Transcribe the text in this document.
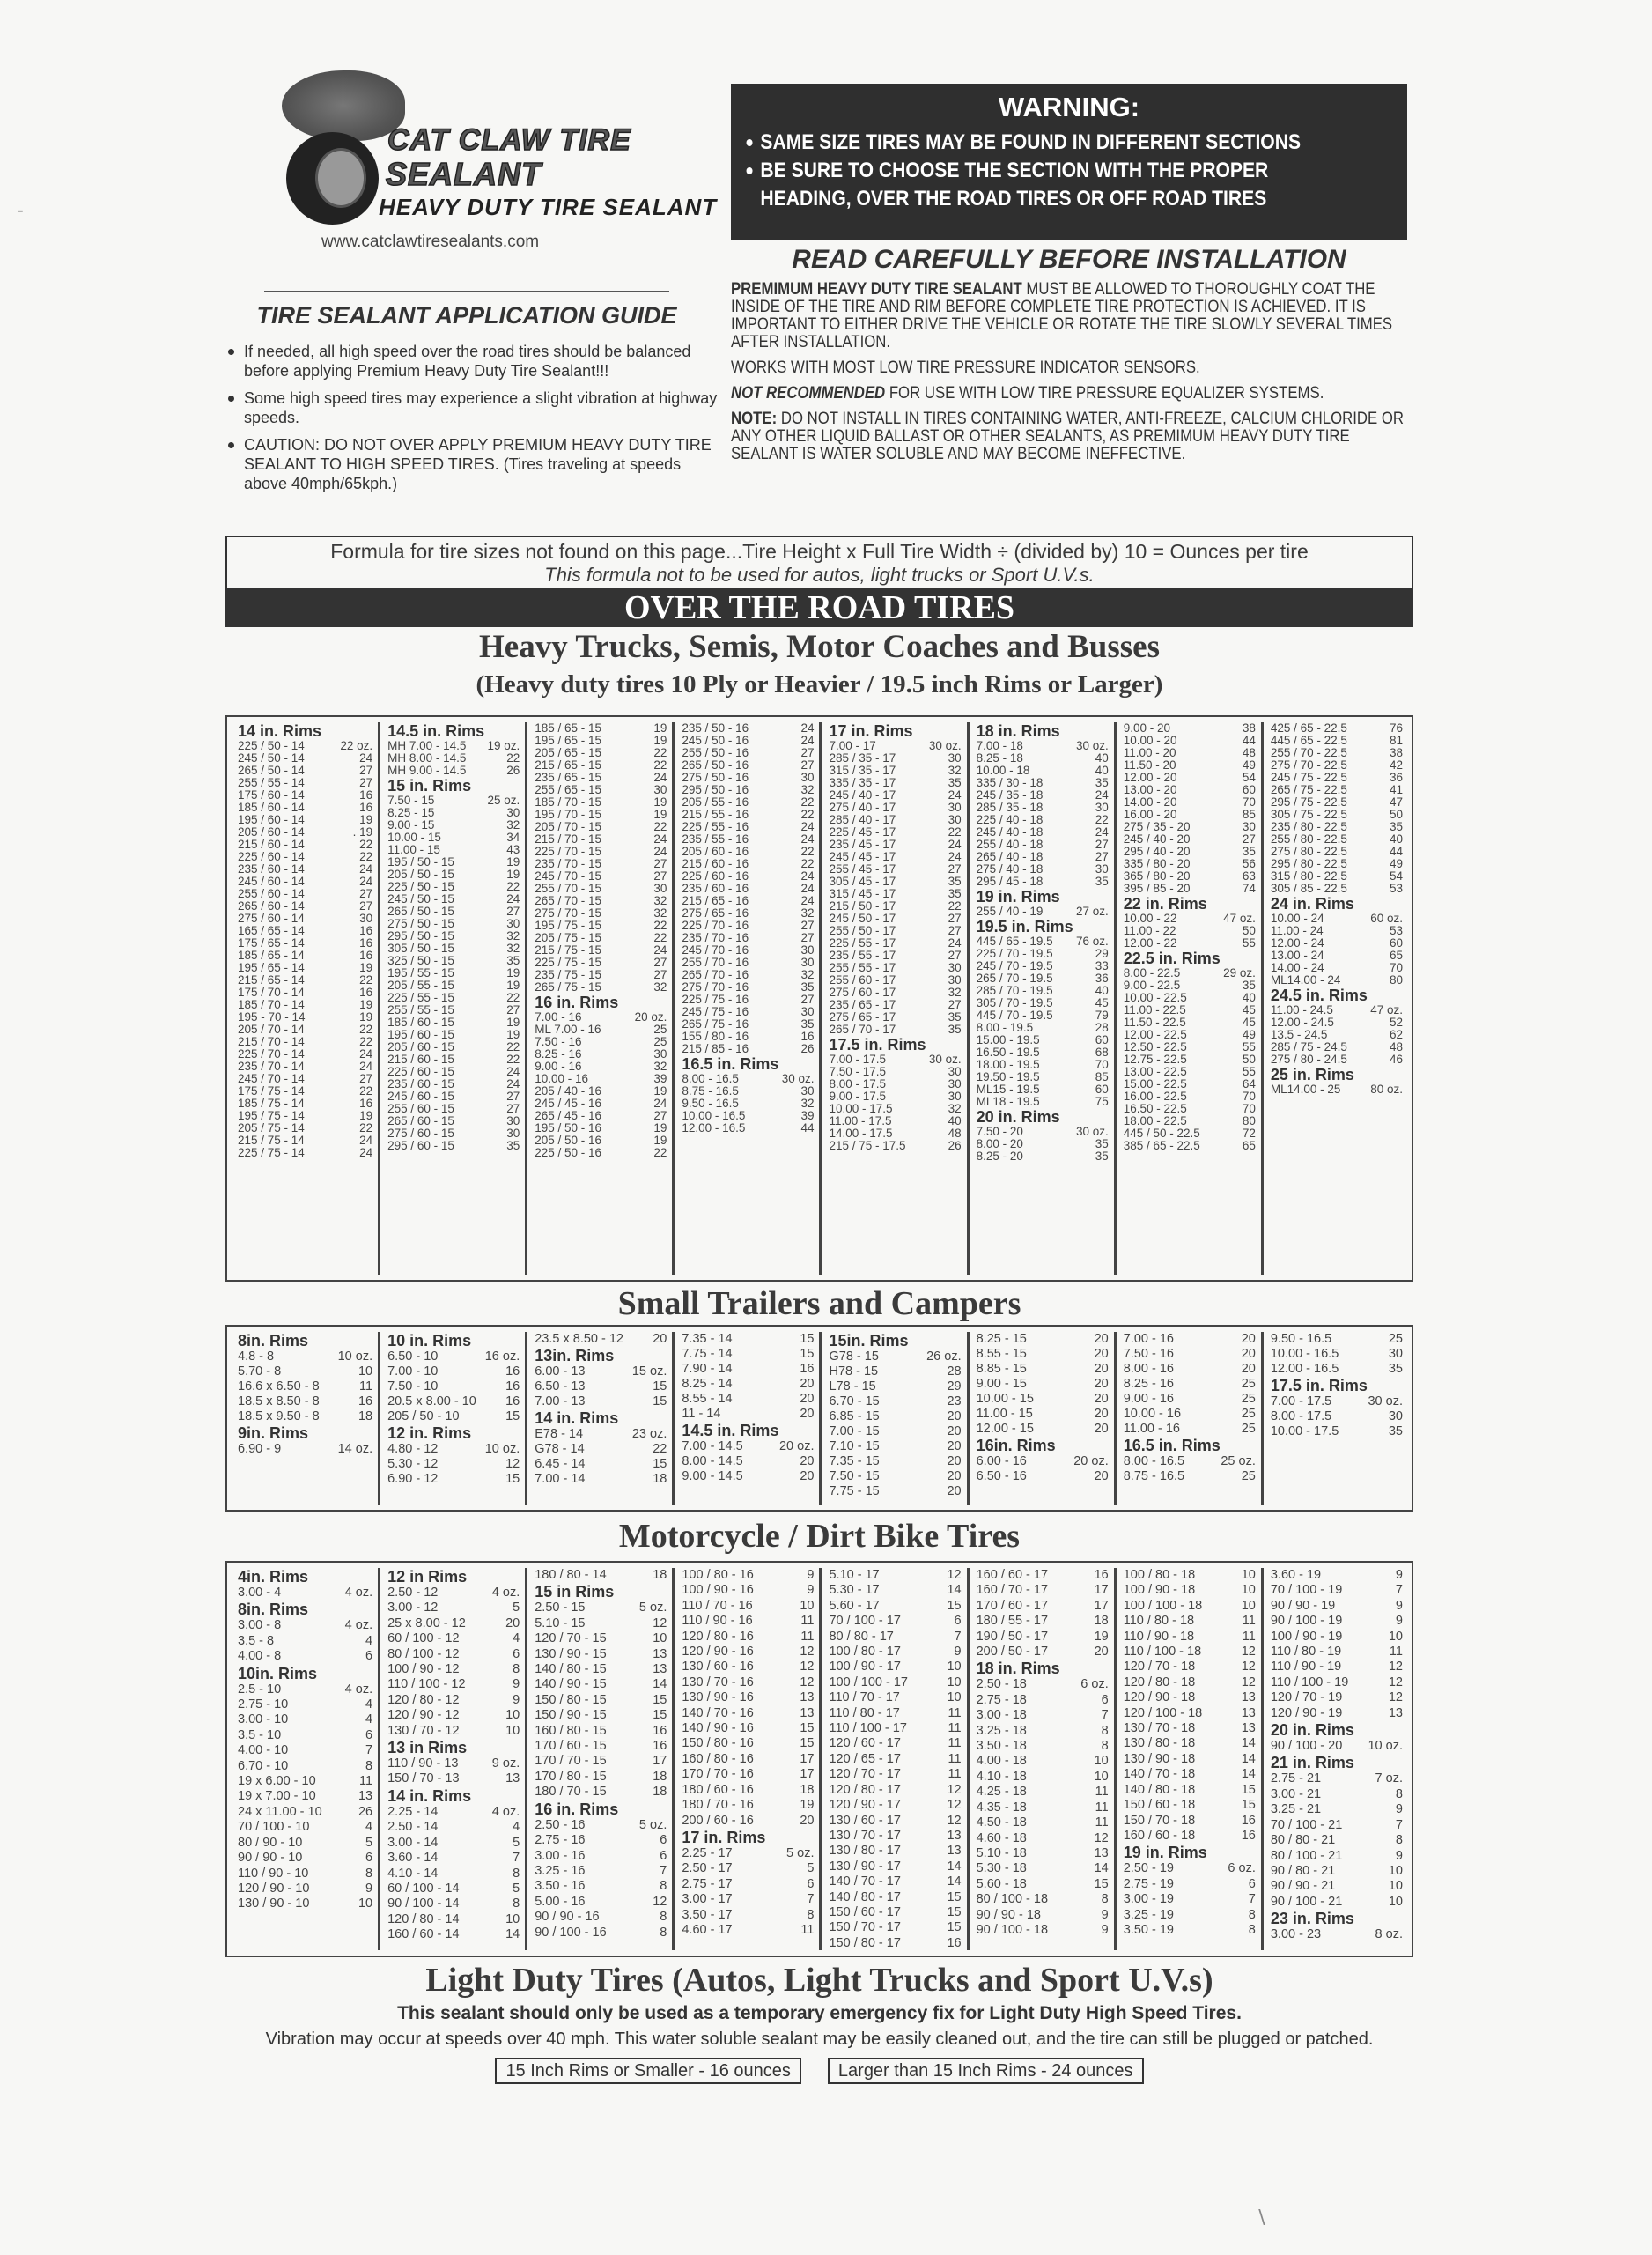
-
CAT CLAW TIRE
SEALANT
HEAVY DUTY TIRE SEALANT
www.catclawtiresealants.com
TIRE SEALANT APPLICATION GUIDE
If needed, all high speed over the road tires should be balanced before applying Premium Heavy Duty Tire Sealant!!!
Some high speed tires may experience a slight vibration at highway speeds.
CAUTION: DO NOT OVER APPLY PREMIUM HEAVY DUTY TIRE SEALANT TO HIGH SPEED TIRES. (Tires traveling at speeds above 40mph/65kph.)
WARNING:
SAME SIZE TIRES MAY BE FOUND IN DIFFERENT SECTIONS
BE SURE TO CHOOSE THE SECTION WITH THE PROPER
HEADING, OVER THE ROAD TIRES OR OFF ROAD TIRES
READ CAREFULLY BEFORE INSTALLATION

PREMIMUM HEAVY DUTY TIRE SEALANT MUST BE ALLOWED TO THOROUGHLY COAT THE INSIDE OF THE TIRE AND RIM BEFORE COMPLETE TIRE PROTECTION IS ACHIEVED. IT IS IMPORTANT TO EITHER DRIVE THE VEHICLE OR ROTATE THE TIRE SLOWLY SEVERAL TIMES AFTER INSTALLATION.

WORKS WITH MOST LOW TIRE PRESSURE INDICATOR SENSORS.

NOT RECOMMENDED FOR USE WITH LOW TIRE PRESSURE EQUALIZER SYSTEMS.

NOTE: DO NOT INSTALL IN TIRES CONTAINING WATER, ANTI-FREEZE, CALCIUM CHLORIDE OR ANY OTHER LIQUID BALLAST OR OTHER SEALANTS, AS PREMIMUM HEAVY DUTY TIRE SEALANT IS WATER SOLUBLE AND MAY BECOME INEFFECTIVE.

Formula for tire sizes not found on this page...Tire Height x Full Tire Width ÷ (divided by) 10 = Ounces per tire
This formula not to be used for autos, light trucks or Sport U.V.s.
OVER THE ROAD TIRES
Heavy Trucks, Semis, Motor Coaches and Busses
(Heavy duty tires 10 Ply or Heavier / 19.5 inch Rims or Larger)
14 in. Rims
225 / 50 - 14	22 oz.
245 / 50 - 14	24
265 / 50 - 14	27
255 / 55 - 14	27
175 / 60 - 14	16
185 / 60 - 14	16
195 / 60 - 14	19
205 / 60 - 14	. 19
215 / 60 - 14	22
225 / 60 - 14	22
235 / 60 - 14	24
245 / 60 - 14	24
255 / 60 - 14	27
265 / 60 - 14	27
275 / 60 - 14	30
165 / 65 - 14	16
175 / 65 - 14	16
185 / 65 - 14	16
195 / 65 - 14	19
215 / 65 - 14	22
175 / 70 - 14	16
185 / 70 - 14	19
195 - 70 - 14	19
205 / 70 - 14	22
215 / 70 - 14	22
225 / 70 - 14	24
235 / 70 - 14	24
245 / 70 - 14	27
175 / 75 - 14	22
185 / 75 - 14	16
195 / 75 - 14	19
205 / 75 - 14	22
215 / 75 - 14	24
225 / 75 - 14	24
14.5 in. Rims
MH 7.00 - 14.5 19 oz.
MH 8.00 - 14.5	22
MH 9.00 - 14.5	26
15 in. Rims
7.50 - 15	25 oz.
8.25 - 15	30
9.00 - 15	32
10.00 - 15	34
11.00 - 15	43
195 / 50 - 15	19
205 / 50 - 15	19
225 / 50 - 15	22
245 / 50 - 15	24
265 / 50 - 15	27
275 / 50 - 15	30
295 / 50 - 15	32
305 / 50 - 15	32
325 / 50 - 15	35
195 / 55 - 15	19
205 / 55 - 15	19
225 / 55 - 15	22
255 / 55 - 15	27
185 / 60 - 15	19
195 / 60 - 15	19
205 / 60 - 15	22
215 / 60 - 15	22
225 / 60 - 15	24
235 / 60 - 15	24
245 / 60 - 15	27
255 / 60 - 15	27
265 / 60 - 15	30
275 / 60 - 15	30
295 / 60 - 15	35
185 / 65 - 15	19
195 / 65 - 15	19
205 / 65 - 15	22
215 / 65 - 15	22
235 / 65 - 15	24
255 / 65 - 15	30
185 / 70 - 15	19
195 / 70 - 15	19
205 / 70 - 15	22
215 / 70 - 15	24
225 / 70 - 15	24
235 / 70 - 15	27
245 / 70 - 15	27
255 / 70 - 15	30
265 / 70 - 15	32
275 / 70 - 15	32
195 / 75 - 15	22
205 / 75 - 15	22
215 / 75 - 15	24
225 / 75 - 15	27
235 / 75 - 15	27
265 / 75 - 15	32
16 in. Rims
7.00 - 16	20 oz.
ML 7.00 - 16	25
7.50 - 16	25
8.25 - 16	30
9.00 - 16	32
10.00 - 16	39
205 / 40 - 16	19
245 / 45 - 16	24
265 / 45 - 16	27
195 / 50 - 16	19
205 / 50 - 16	19
225 / 50 - 16	22
235 / 50 - 16	24
245 / 50 - 16	24
255 / 50 - 16	27
265 / 50 - 16	27
275 / 50 - 16	30
295 / 50 - 16	32
205 / 55 - 16	22
215 / 55 - 16	22
225 / 55 - 16	24
235 / 55 - 16	24
205 / 60 - 16	22
215 / 60 - 16	22
225 / 60 - 16	24
235 / 60 - 16	24
215 / 65 - 16	24
275 / 65 - 16	32
225 / 70 - 16	27
235 / 70 - 16	27
245 / 70 - 16	30
255 / 70 - 16	30
265 / 70 - 16	32
275 / 70 - 16	35
225 / 75 - 16	27
245 / 75 - 16	30
265 / 75 - 16	35
155 / 80 - 16	16
215 / 85 - 16	26
16.5 in. Rims
8.00 - 16.5	30 oz.
8.75 - 16.5	30
9.50 - 16.5	32
10.00 - 16.5	39
12.00 - 16.5	44
17 in. Rims
7.00 - 17	30 oz.
285 / 35 - 17	30
315 / 35 - 17	32
335 / 35 - 17	35
245 / 40 - 17	24
275 / 40 - 17	30
285 / 40 - 17	30
225 / 45 - 17	22
235 / 45 - 17	24
245 / 45 - 17	24
255 / 45 - 17	27
305 / 45 - 17	35
315 / 45 - 17	35
215 / 50 - 17	22
245 / 50 - 17	27
255 / 50 - 17	27
225 / 55 - 17	24
235 / 55 - 17	27
255 / 55 - 17	30
255 / 60 - 17	30
275 / 60 - 17	32
235 / 65 - 17	27
275 / 65 - 17	35
265 / 70 - 17	35
17.5 in. Rims
7.00 - 17.5	30 oz.
7.50 - 17.5	30
8.00 - 17.5	30
9.00 - 17.5	30
10.00 - 17.5	32
11.00 - 17.5	40
14.00 - 17.5	48
215 / 75 - 17.5	26
18 in. Rims
7.00 - 18	30 oz.
8.25 - 18	40
10.00 - 18	40
335 / 30 - 18	35
245 / 35 - 18	24
285 / 35 - 18	30
225 / 40 - 18	22
245 / 40 - 18	24
255 / 40 - 18	27
265 / 40 - 18	27
275 / 40 - 18	30
295 / 45 - 18	35
19 in. Rims
255 / 40 - 19	27 oz.
19.5 in. Rims
445 / 65 - 19.5 76 oz.
225 / 70 - 19.5	29
245 / 70 - 19.5	33
265 / 70 - 19.5	36
285 / 70 - 19.5	40
305 / 70 - 19.5	45
445 / 70 - 19.5	79
8.00 - 19.5	28
15.00 - 19.5	60
16.50 - 19.5	68
18.00 - 19.5	70
19.50 - 19.5	85
ML15 - 19.5	60
ML18 - 19.5	75
20 in. Rims
7.50 - 20	30 oz.
8.00 - 20	35
8.25 - 20	35
9.00 - 20	38
10.00 - 20	44
11.00 - 20	48
11.50 - 20	49
12.00 - 20	54
13.00 - 20	60
14.00 - 20	70
16.00 - 20	85
275 / 35 - 20	30
245 / 40 - 20	27
295 / 40 - 20	35
335 / 80 - 20	56
365 / 80 - 20	63
395 / 85 - 20	74
22 in. Rims
10.00 - 22	47 oz.
11.00 - 22	50
12.00 - 22	55
22.5 in. Rims
8.00 - 22.5	29 oz.
9.00 - 22.5	35
10.00 - 22.5	40
11.00 - 22.5	45
11.50 - 22.5	45
12.00 - 22.5	49
12.50 - 22.5	55
12.75 - 22.5	50
13.00 - 22.5	55
15.00 - 22.5	64
16.00 - 22.5	70
16.50 - 22.5	70
18.00 - 22.5	80
445 / 50 - 22.5	72
385 / 65 - 22.5	65
425 / 65 - 22.5	76
445 / 65 - 22.5	81
255 / 70 - 22.5	38
275 / 70 - 22.5	42
245 / 75 - 22.5	36
265 / 75 - 22.5	41
295 / 75 - 22.5	47
305 / 75 - 22.5	50
235 / 80 - 22.5	35
255 / 80 - 22.5	40
275 / 80 - 22.5	44
295 / 80 - 22.5	49
315 / 80 - 22.5	54
305 / 85 - 22.5	53
24 in. Rims
10.00 - 24	60 oz.
11.00 - 24	53
12.00 - 24	60
13.00 - 24	65
14.00 - 24	70
ML14.00 - 24	80
24.5 in. Rims
11.00 - 24.5	47 oz.
12.00 - 24.5	52
13.5 - 24.5	62
285 / 75 - 24.5	48
275 / 80 - 24.5	46
25 in. Rims
ML14.00 - 25	80 oz.
Small Trailers and Campers
8in. Rims
4.8 - 8	10 oz.
5.70 - 8	10
16.6 x 6.50 - 8	11
18.5 x 8.50 - 8	16
18.5 x 9.50 - 8	18
9in. Rims
6.90 - 9	14 oz.
10 in. Rims
6.50 - 10	16 oz.
7.00 - 10	16
7.50 - 10	16
20.5 x 8.00 - 10 16
205 / 50 - 10	15
12 in. Rims
4.80 - 12	10 oz.
5.30 - 12	12
6.90 - 12	15
23.5 x 8.50 - 12 20
13in. Rims
6.00 - 13	15 oz.
6.50 - 13	15
7.00 - 13	15
14 in. Rims
E78 - 14	23 oz.
G78 - 14	22
6.45 - 14	15
7.00 - 14	18
7.35 - 14	15
7.75 - 14	15
7.90 - 14	16
8.25 - 14	20
8.55 - 14	20
11 - 14	20
14.5 in. Rims
7.00 - 14.5	20 oz.
8.00 - 14.5	20
9.00 - 14.5	20
15in. Rims
G78 - 15	26 oz.
H78 - 15	28
L78 - 15	29
6.70 - 15	23
6.85 - 15	20
7.00 - 15	20
7.10 - 15	20
7.35 - 15	20
7.50 - 15	20
7.75 - 15	20
8.25 - 15	20
8.55 - 15	20
8.85 - 15	20
9.00 - 15	20
10.00 - 15	20
11.00 - 15	20
12.00 - 15	20
16in. Rims
6.00 - 16	20 oz.
6.50 - 16	20
7.00 - 16	20
7.50 - 16	20
8.00 - 16	20
8.25 - 16	25
9.00 - 16	25
10.00 - 16	25
11.00 - 16	25
16.5 in. Rims
8.00 - 16.5	25 oz.
8.75 - 16.5	25
9.50 - 16.5	25
10.00 - 16.5	30
12.00 - 16.5	35
17.5 in. Rims
7.00 - 17.5	30 oz.
8.00 - 17.5	30
10.00 - 17.5	35
Motorcycle / Dirt Bike Tires
4in. Rims
3.00 - 4	4 oz.
8in. Rims
3.00 - 8	4 oz.
3.5 - 8	4
4.00 - 8	6
10in. Rims
2.5 - 10	4 oz.
2.75 - 10	4
3.00 - 10	4
3.5 - 10	6
4.00 - 10	7
6.70 - 10	8
19 x 6.00 - 10	11
19 x 7.00 - 10	13
24 x 11.00 - 10	26
70 / 100 - 10	4
80 / 90 - 10	5
90 / 90 - 10	6
110 / 90 - 10	8
120 / 90 - 10	9
130 / 90 - 10	10
12 in Rims
2.50 - 12	4 oz.
3.00 - 12	5
25 x 8.00 - 12	20
60 / 100 - 12	4
80 / 100 - 12	6
100 / 90 - 12	8
110 / 100 - 12	9
120 / 80 - 12	9
120 / 90 - 12	10
130 / 70 - 12	10
13 in Rims
110 / 90 - 13	9 oz.
150 / 70 - 13	13
14 in. Rims
2.25 - 14	4 oz.
2.50 - 14	4
3.00 - 14	5
3.60 - 14	7
4.10 - 14	8
60 / 100 - 14	5
90 / 100 - 14	8
120 / 80 - 14	10
160 / 60 - 14	14
180 / 80 - 14	18
15 in Rims
2.50 - 15	5 oz.
5.10 - 15	12
120 / 70 - 15	10
130 / 90 - 15	13
140 / 80 - 15	13
140 / 90 - 15	14
150 / 80 - 15	15
150 / 90 - 15	15
160 / 80 - 15	16
170 / 60 - 15	16
170 / 70 - 15	17
170 / 80 - 15	18
180 / 70 - 15	18
16 in. Rims
2.50 - 16	5 oz.
2.75 - 16	6
3.00 - 16	6
3.25 - 16	7
3.50 - 16	8
5.00 - 16	12
90 / 90 - 16	8
90 / 100 - 16	8
100 / 80 - 16	9
100 / 90 - 16	9
110 / 70 - 16	10
110 / 90 - 16	11
120 / 80 - 16	11
120 / 90 - 16	12
130 / 60 - 16	12
130 / 70 - 16	12
130 / 90 - 16	13
140 / 70 - 16	13
140 / 90 - 16	15
150 / 80 - 16	15
160 / 80 - 16	17
170 / 70 - 16	17
180 / 60 - 16	18
180 / 70 - 16	19
200 / 60 - 16	20
17 in. Rims
2.25 - 17	5 oz.
2.50 - 17	5
2.75 - 17	6
3.00 - 17	7
3.50 - 17	8
4.60 - 17	11
5.10 - 17	12
5.30 - 17	14
5.60 - 17	15
70 / 100 - 17	6
80 / 80 - 17	7
100 / 80 - 17	9
100 / 90 - 17	10
100 / 100 - 17	10
110 / 70 - 17	10
110 / 80 - 17	11
110 / 100 - 17	11
120 / 60 - 17	11
120 / 65 - 17	11
120 / 70 - 17	11
120 / 80 - 17	12
120 / 90 - 17	12
130 / 60 - 17	12
130 / 70 - 17	13
130 / 80 - 17	13
130 / 90 - 17	14
140 / 70 - 17	14
140 / 80 - 17	15
150 / 60 - 17	15
150 / 70 - 17	15
150 / 80 - 17	16
160 / 60 - 17	16
160 / 70 - 17	17
170 / 60 - 17	17
180 / 55 - 17	18
190 / 50 - 17	19
200 / 50 - 17	20
18 in. Rims
2.50 - 18	6 oz.
2.75 - 18	6
3.00 - 18	7
3.25 - 18	8
3.50 - 18	8
4.00 - 18	10
4.10 - 18	10
4.25 - 18	11
4.35 - 18	11
4.50 - 18	11
4.60 - 18	12
5.10 - 18	13
5.30 - 18	14
5.60 - 18	15
80 / 100 - 18	8
90 / 90 - 18	9
90 / 100 - 18	9
100 / 80 - 18	10
100 / 90 - 18	10
100 / 100 - 18	10
110 / 80 - 18	11
110 / 90 - 18	11
110 / 100 - 18	12
120 / 70 - 18	12
120 / 80 - 18	12
120 / 90 - 18	13
120 / 100 - 18	13
130 / 70 - 18	13
130 / 80 - 18	14
130 / 90 - 18	14
140 / 70 - 18	14
140 / 80 - 18	15
150 / 60 - 18	15
150 / 70 - 18	16
160 / 60 - 18	16
19 in. Rims
2.50 - 19	6 oz.
2.75 - 19	6
3.00 - 19	7
3.25 - 19	8
3.50 - 19	8
3.60 - 19	9
70 / 100 - 19	7
90 / 90 - 19	9
90 / 100 - 19	9
100 / 90 - 19	10
110 / 80 - 19	11
110 / 90 - 19	12
110 / 100 - 19	12
120 / 70 - 19	12
120 / 90 - 19	13
20 in. Rims
90 / 100 - 20 10 oz.
21 in. Rims
2.75 - 21	7 oz.
3.00 - 21	8
3.25 - 21	9
70 / 100 - 21	7
80 / 80 - 21	8
80 / 100 - 21	9
90 / 80 - 21	10
90 / 90 - 21	10
90 / 100 - 21	10
23 in. Rims
3.00 - 23	8 oz.
Light Duty Tires (Autos, Light Trucks and Sport U.V.s)
This sealant should only be used as a temporary emergency fix for Light Duty High Speed Tires.
Vibration may occur at speeds over 40 mph. This water soluble sealant may be easily cleaned out, and the tire can still be plugged or patched.
15 Inch Rims or Smaller - 16 ounces	Larger than 15 Inch Rims - 24 ounces
∖
